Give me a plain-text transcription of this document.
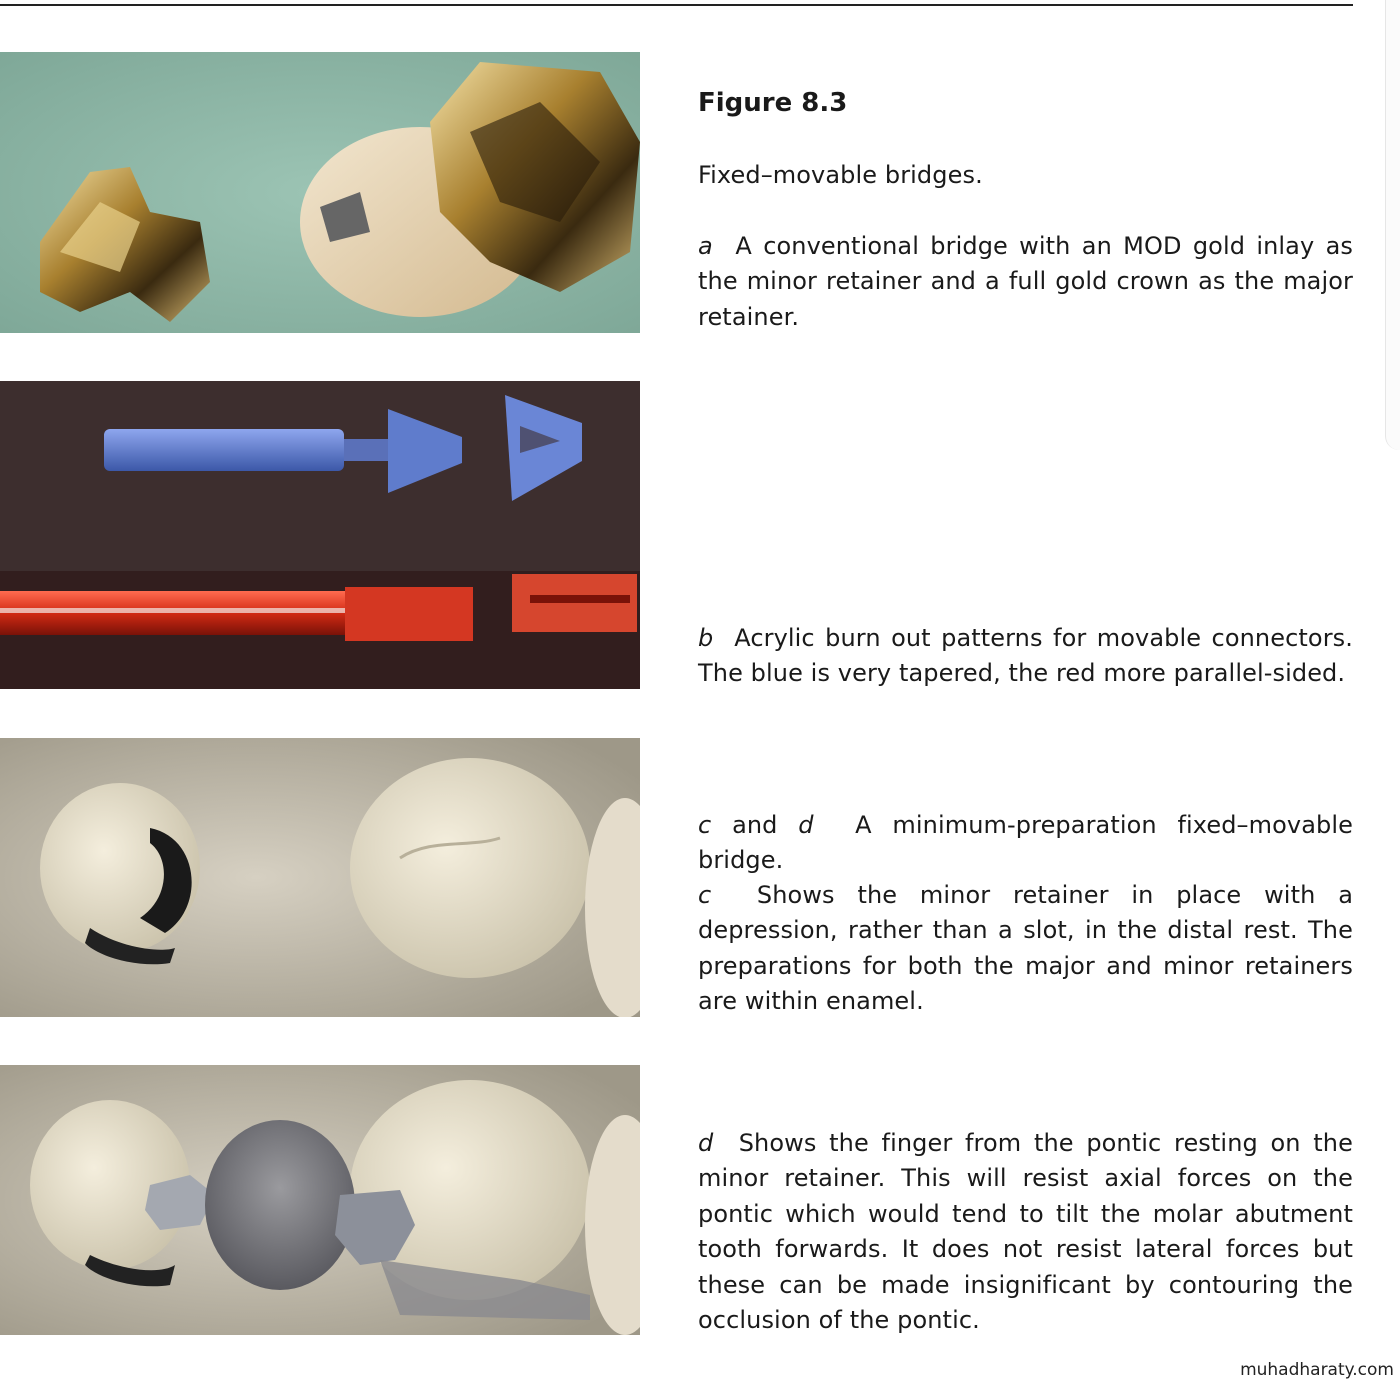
Figure 8.3
Fixed–movable bridges.
a A conventional bridge with an MOD gold inlay as the minor retainer and a full gold crown as the major retainer.
b Acrylic burn out patterns for movable connectors. The blue is very tapered, the red more parallel-sided.
c and d A minimum-preparation fixed–movable bridge.
c Shows the minor retainer in place with a depression, rather than a slot, in the distal rest. The preparations for both the major and minor retainers are within enamel.
d Shows the finger from the pontic resting on the minor retainer. This will resist axial forces on the pontic which would tend to tilt the molar abutment tooth forwards. It does not resist lateral forces but these can be made insignificant by contouring the occlusion of the pontic.
muhadharaty.com
